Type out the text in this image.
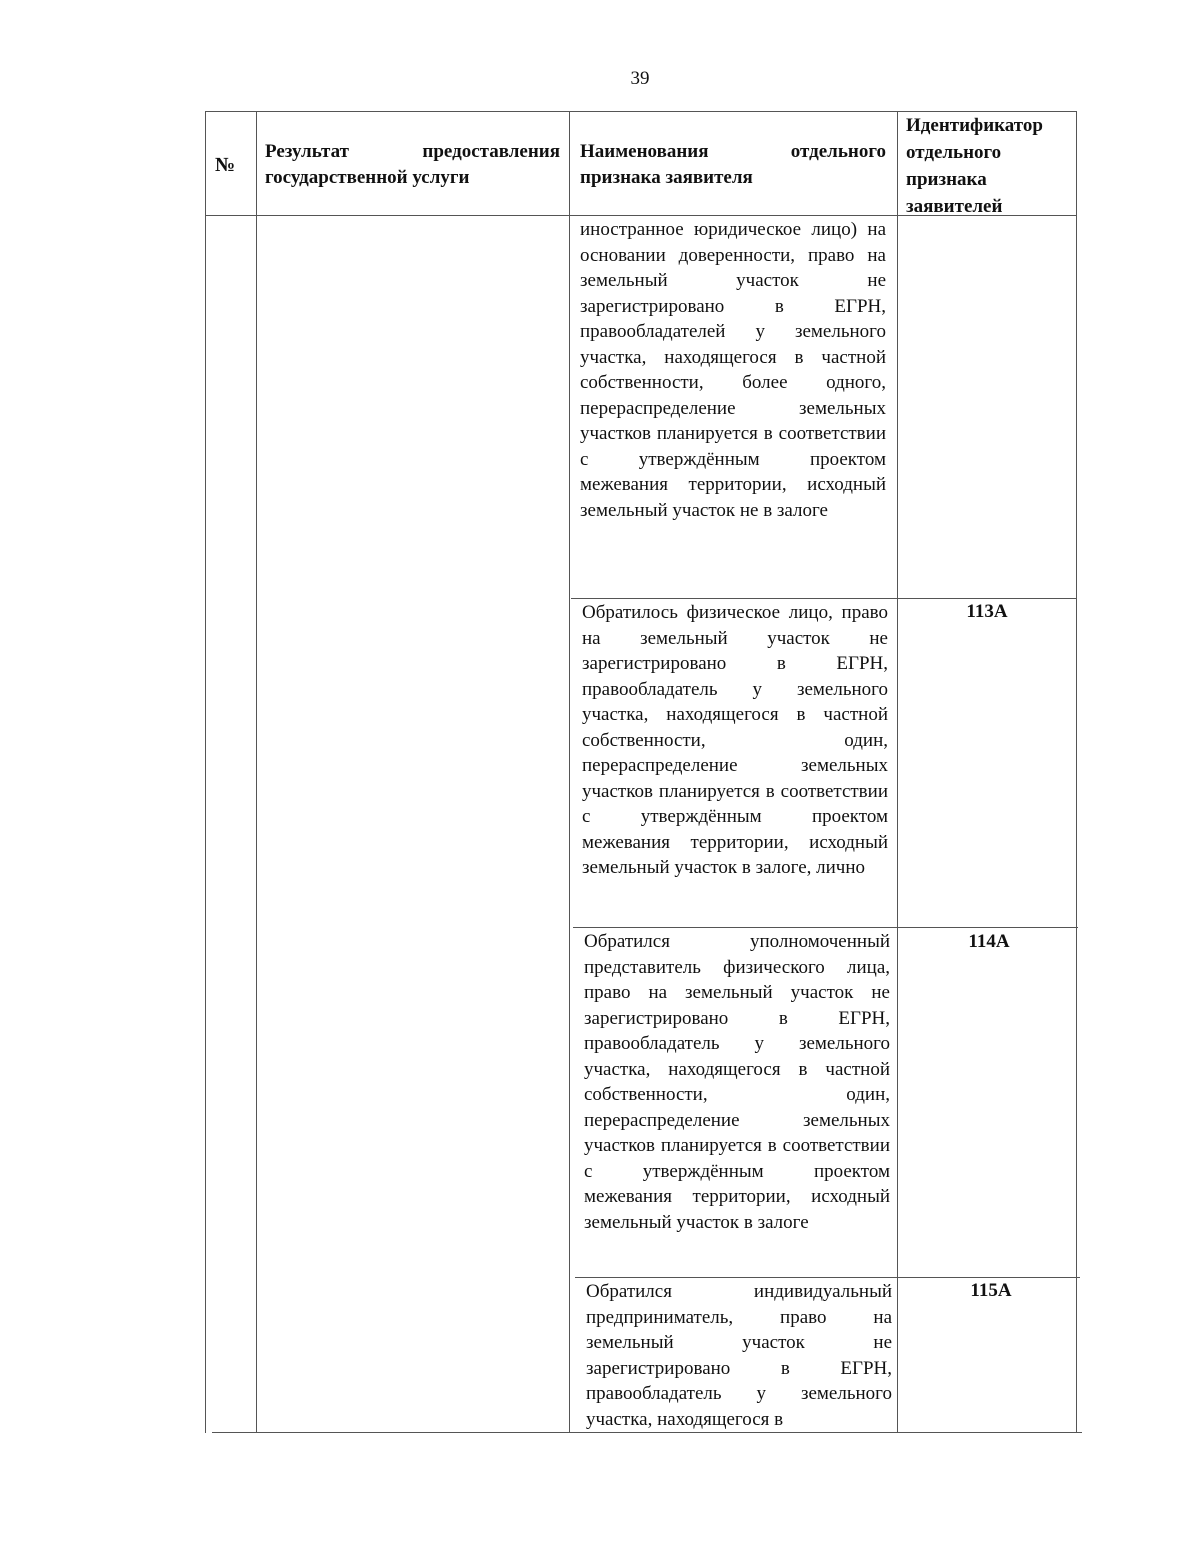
39
№
Результат предоставления государственной услуги
Наименования отдельного признака заявителя
Идентификатор отдельного признака заявителей
иностранное юридическое лицо) на основании доверенности, право на земельный участок не зарегистрировано в ЕГРН, правообладателей у земельного участка, находящегося в частной собственности, более одного, перераспределение земельных участков планируется в соответствии с утверждённым проектом межевания территории, исходный земельный участок не в залоге
Обратилось физическое лицо, право на земельный участок не зарегистрировано в ЕГРН, правообладатель у земельного участка, находящегося в частной собственности, один, перераспределение земельных участков планируется в соответствии с утверждённым проектом межевания территории, исходный земельный участок в залоге, лично
113А
Обратился уполномоченный представитель физического лица, право на земельный участок не зарегистрировано в ЕГРН, правообладатель у земельного участка, находящегося в частной собственности, один, перераспределение земельных участков планируется в соответствии с утверждённым проектом межевания территории, исходный земельный участок в залоге
114А
Обратился индивидуальный предприниматель, право на земельный участок не зарегистрировано в ЕГРН, правообладатель у земельного участка, находящегося в
115А
